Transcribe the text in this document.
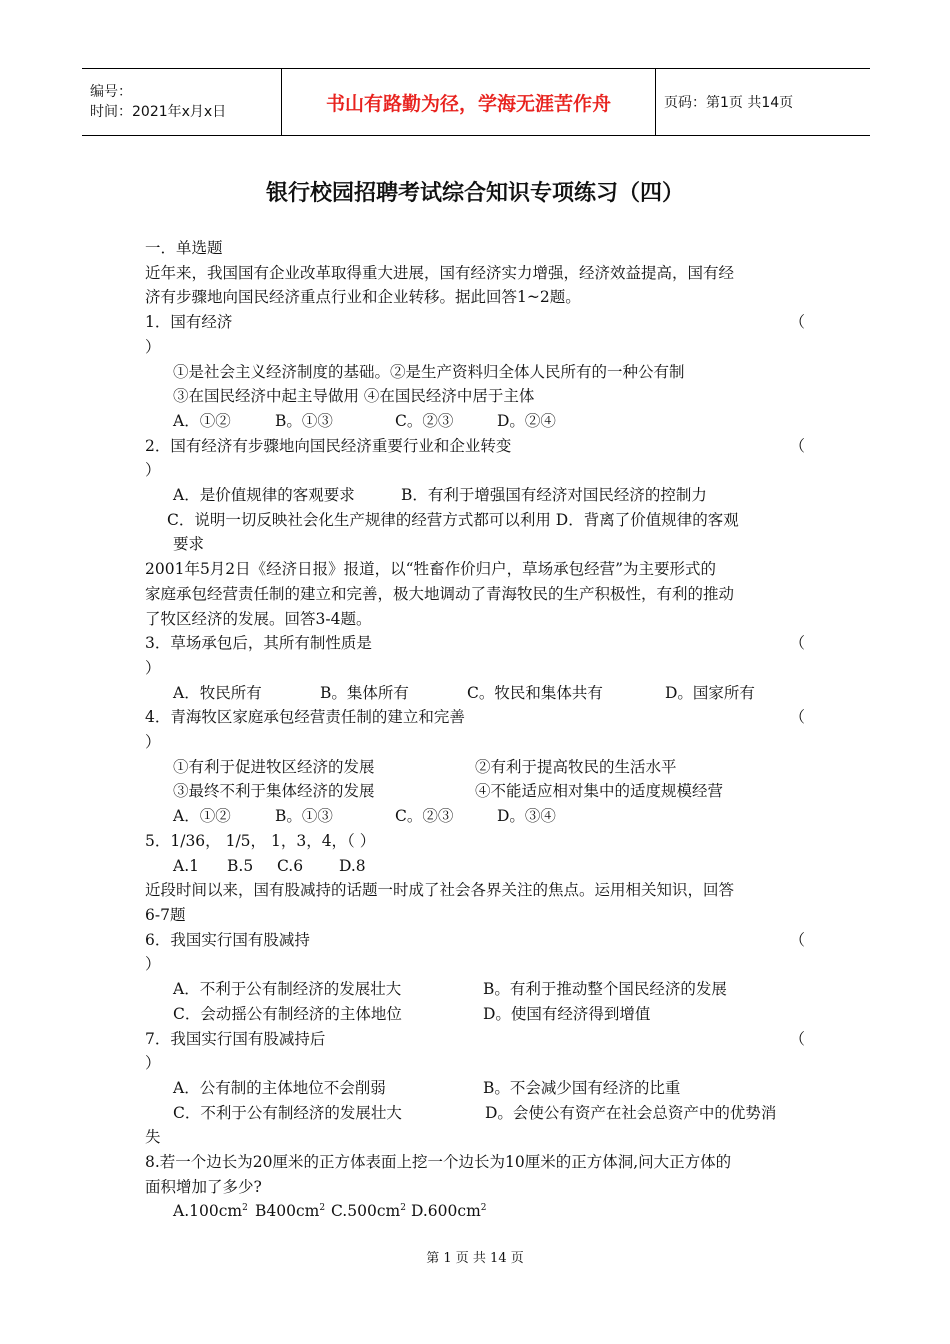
编号：
时间：2021年x月x日	书山有路勤为径，学海无涯苦作舟	页码：第1页 共14页
银行校园招聘考试综合知识专项练习（四）

一．单选题

近年来，我国国有企业改革取得重大进展，国有经济实力增强，经济效益提高，国有经

济有步骤地向国民经济重点行业和企业转移。据此回答1~2题。

1．国有经济	（

）

①是社会主义经济制度的基础。②是生产资料归全体人民所有的一种公有制

③在国民经济中起主导做用 ④在国民经济中居于主体

A．①②	B。①③	C。②③	D。②④
2．国有经济有步骤地向国民经济重要行业和企业转变	（

）

A．是价值规律的客观要求	B．有利于增强国有经济对国民经济的控制力

C．说明一切反映社会化生产规律的经营方式都可以利用 D．背离了价值规律的客观

要求

2001年5月2日《经济日报》报道，以“牲畜作价归户，草场承包经营”为主要形式的

家庭承包经营责任制的建立和完善，极大地调动了青海牧民的生产积极性，有利的推动

了牧区经济的发展。回答3-4题。

3．草场承包后，其所有制性质是	（

）

A．牧民所有	B。集体所有	C。牧民和集体共有	D。国家所有
4．青海牧区家庭承包经营责任制的建立和完善	（

）

①有利于促进牧区经济的发展	②有利于提高牧民的生活水平
③最终不利于集体经济的发展	④不能适应相对集中的适度规模经营
A．①②	B。①③	C。②③	D。③④

5．1/36， 1/5， 1，3，4，（ ）

A.1	B.5	C.6	D.8

近段时间以来，国有股减持的话题一时成了社会各界关注的焦点。运用相关知识，回答

6-7题

6．我国实行国有股减持	（

）

A．不利于公有制经济的发展壮大	B。有利于推动整个国民经济的发展
C．会动摇公有制经济的主体地位	D。使国有经济得到增值
7．我国实行国有股减持后	（

）

A．公有制的主体地位不会削弱	B。不会减少国有经济的比重
C．不利于公有制经济的发展壮大	D。会使公有资产在社会总资产中的优势消

失

8.若一个边长为20厘米的正方体表面上挖一个边长为10厘米的正方体洞,问大正方体的

面积增加了多少?

$A.100cm^2$ $B400cm^2$ $C.500cm^2$ $D.600cm^2$
第 1 页 共 14 页
